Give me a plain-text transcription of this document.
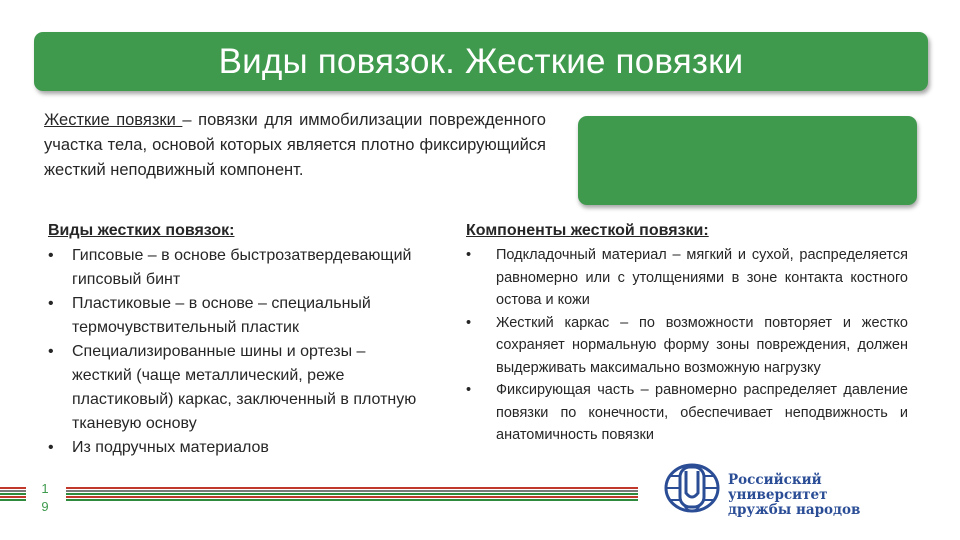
Виды повязок. Жесткие повязки

Жесткие повязки – повязки для иммобилизации поврежденного участка тела, основой которых является плотно фиксирующийся жесткий неподвижный компонент.

Виды жестких повязок:
• Гипсовые – в основе быстрозатвердевающий гипсовый бинт
• Пластиковые – в основе – специальный термочувствительный пластик
• Специализированные шины и ортезы – жесткий (чаще металлический, реже пластиковый) каркас, заключенный в плотную тканевую основу
• Из подручных материалов
Компоненты жесткой повязки:
• Подкладочный материал – мягкий и сухой, распределяется равномерно или с утолщениями в зоне контакта костного остова и кожи
• Жесткий каркас – по возможности повторяет и жестко сохраняет нормальную форму зоны повреждения, должен выдерживать максимально возможную нагрузку
• Фиксирующая часть – равномерно распределяет давление повязки по конечности, обеспечивает неподвижность и анатомичность повязки
1 9
Российский университет
дружбы народов
